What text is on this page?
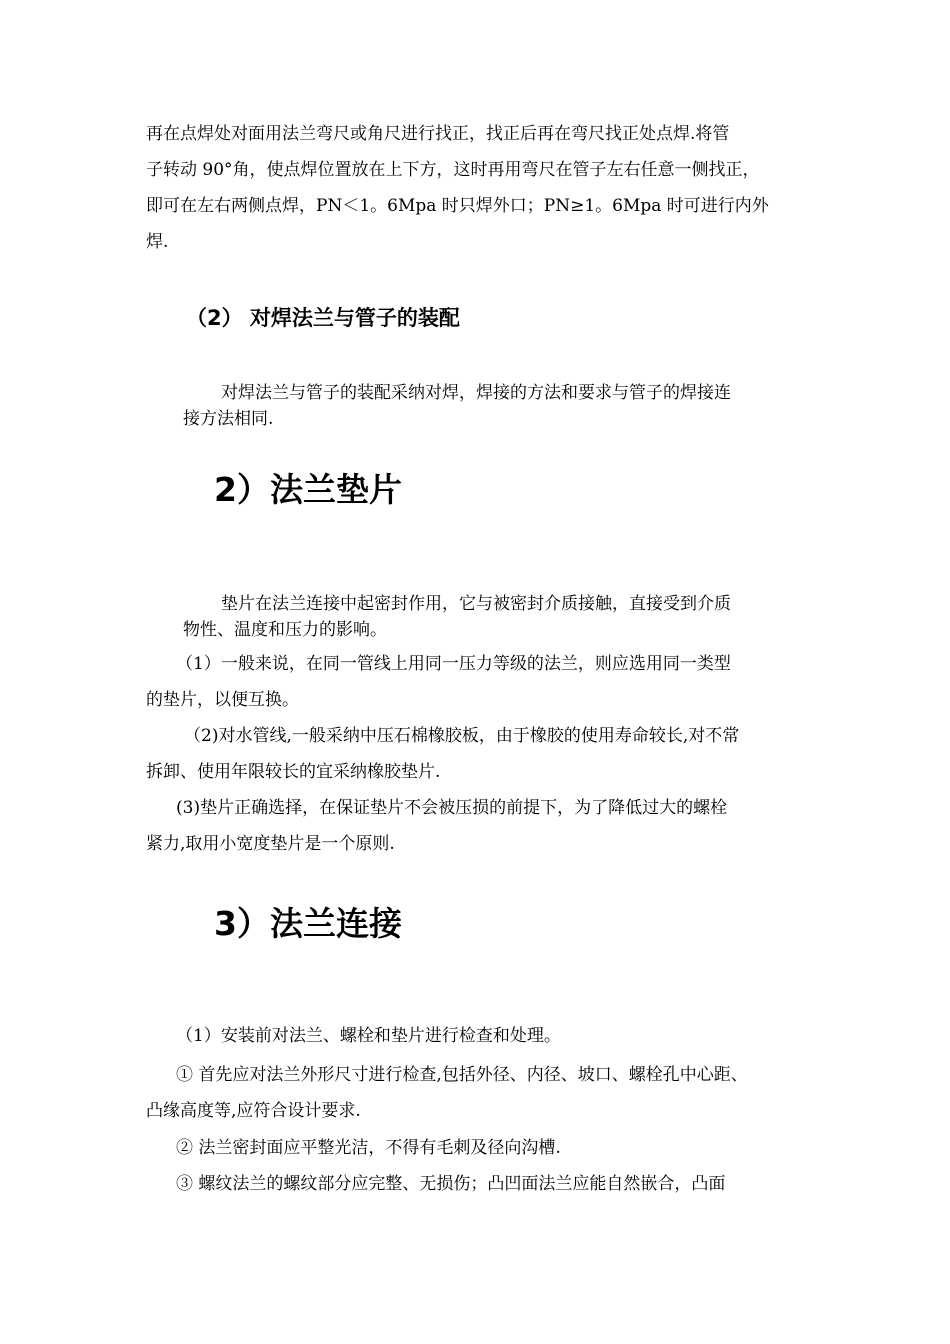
再在点焊处对面用法兰弯尺或角尺进行找正，找正后再在弯尺找正处点焊.将管
子转动 90°角，使点焊位置放在上下方，这时再用弯尺在管子左右任意一侧找正，
即可在左右两侧点焊，PN＜1。6Mpa 时只焊外口；PN≥1。6Mpa 时可进行内外
焊.
（2） 对焊法兰与管子的装配
对焊法兰与管子的装配采纳对焊，焊接的方法和要求与管子的焊接连
接方法相同.
2）法兰垫片
垫片在法兰连接中起密封作用，它与被密封介质接触，直接受到介质
物性、温度和压力的影响。
（1）一般来说，在同一管线上用同一压力等级的法兰，则应选用同一类型
的垫片，以便互换。
（2)对水管线,一般采纳中压石棉橡胶板，由于橡胶的使用寿命较长,对不常
拆卸、使用年限较长的宜采纳橡胶垫片.
(3)垫片正确选择，在保证垫片不会被压损的前提下，为了降低过大的螺栓
紧力,取用小宽度垫片是一个原则.
3）法兰连接
（1）安装前对法兰、螺栓和垫片进行检查和处理。
① 首先应对法兰外形尺寸进行检查,包括外径、内径、坡口、螺栓孔中心距、
凸缘高度等,应符合设计要求.
② 法兰密封面应平整光洁，不得有毛刺及径向沟槽.
③ 螺纹法兰的螺纹部分应完整、无损伤；凸凹面法兰应能自然嵌合，凸面
